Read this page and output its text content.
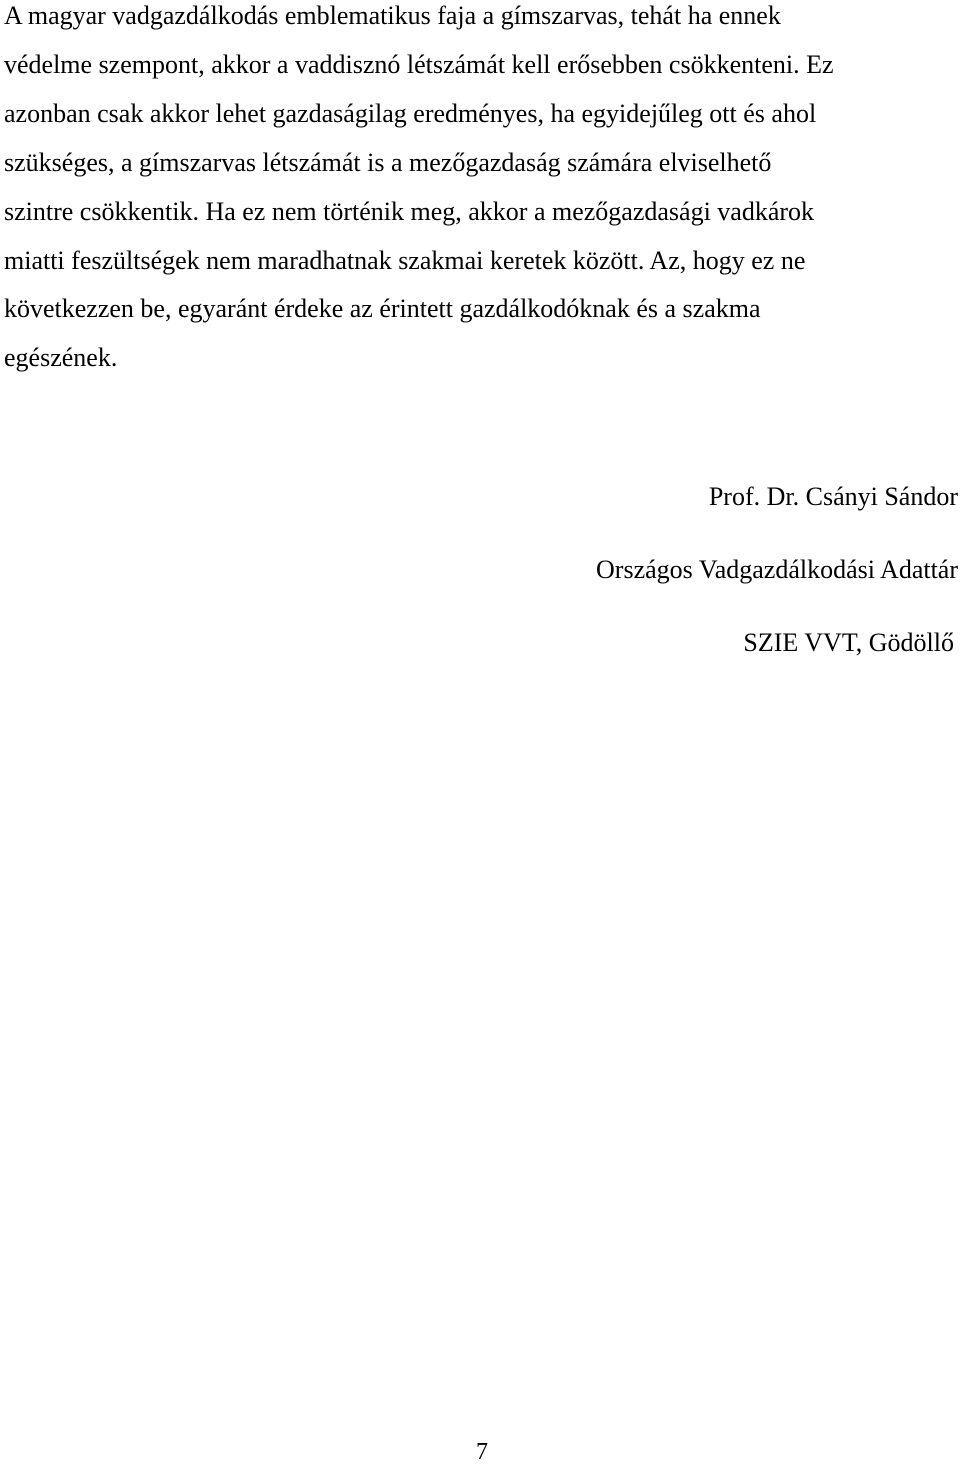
A magyar vadgazdálkodás emblematikus faja a gímszarvas, tehát ha ennek
védelme szempont, akkor a vaddisznó létszámát kell erősebben csökkenteni. Ez
azonban csak akkor lehet gazdaságilag eredményes, ha egyidejűleg ott és ahol
szükséges, a gímszarvas létszámát is a mezőgazdaság számára elviselhető
szintre csökkentik. Ha ez nem történik meg, akkor a mezőgazdasági vadkárok
miatti feszültségek nem maradhatnak szakmai keretek között. Az, hogy ez ne
következzen be, egyaránt érdeke az érintett gazdálkodóknak és a szakma
egészének.
Prof. Dr. Csányi Sándor
Országos Vadgazdálkodási Adattár
SZIE VVT, Gödöllő
7
